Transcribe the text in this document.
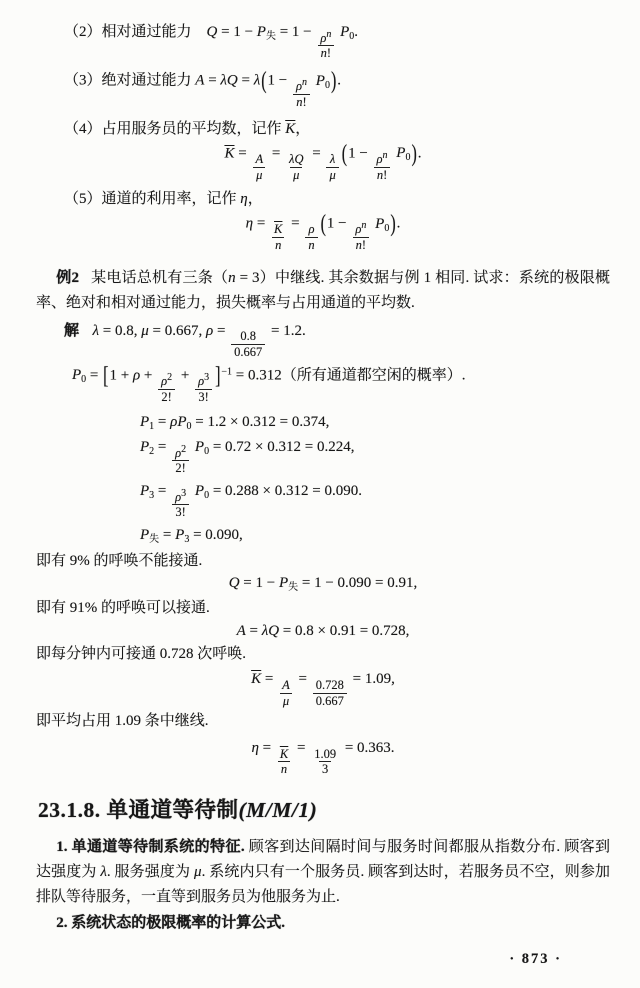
（2）相对通过能力　$Q = 1 - P_失 = 1 - \frac{\rho^n}{n!} P_0$.
（3）绝对通过能力 $A = \lambda Q = \lambda(1 - \frac{\rho^n}{n!} P_0)$.
（4）占用服务员的平均数，记作 $\overline{K}$，
$\overline{K} = \frac{A}{\mu} = \frac{\lambda Q}{\mu} = \frac{\lambda}{\mu} (1 - \frac{\rho^n}{n!} P_0)$.
（5）通道的利用率，记作 η，
$\eta = \frac{\overline{K}}{n} = \frac{\rho}{n} (1 - \frac{\rho^n}{n!} P_0)$.

例2 某电话总机有三条（n = 3）中继线. 其余数据与例 1 相同. 试求：系统的极限概率、绝对和相对通过能力，损失概率与占用通道的平均数.

解 λ = 0.8, μ = 0.667, $\rho = \frac{0.8}{0.667} = 1.2$.
$P_0 = [1 + \rho + \frac{\rho^2}{2!} + \frac{\rho^3}{3!} ]^{-1} = 0.312$（所有通道都空闲的概率）.
$P_1 = \rho P_0 = 1.2 \times 0.312 = 0.374$,
$P_2 = \frac{\rho^2}{2!} P_0 = 0.72 \times 0.312 = 0.224$,
$P_3 = \frac{\rho^3}{3!} P_0 = 0.288 \times 0.312 = 0.090$.
$P_失 = P_3 = 0.090$,
即有 9% 的呼唤不能接通.
$Q = 1 - P_失 = 1 - 0.090 = 0.91$,
即有 91% 的呼唤可以接通.
A = λQ = 0.8 × 0.91 = 0.728,
即每分钟内可接通 0.728 次呼唤.
$\overline{K} = \frac{A}{\mu} = \frac{0.728}{0.667} = 1.09$,
即平均占用 1.09 条中继线.
$\eta = \frac{\overline{K}}{n} = \frac{1.09}{3} = 0.363$.
23.1.8. 单通道等待制(M/M/1)

1. 单通道等待制系统的特征. 顾客到达间隔时间与服务时间都服从指数分布. 顾客到达强度为 λ. 服务强度为 μ. 系统内只有一个服务员. 顾客到达时，若服务员不空，则参加排队等待服务，一直等到服务员为他服务为止.

2. 系统状态的极限概率的计算公式.

· 873 ·
